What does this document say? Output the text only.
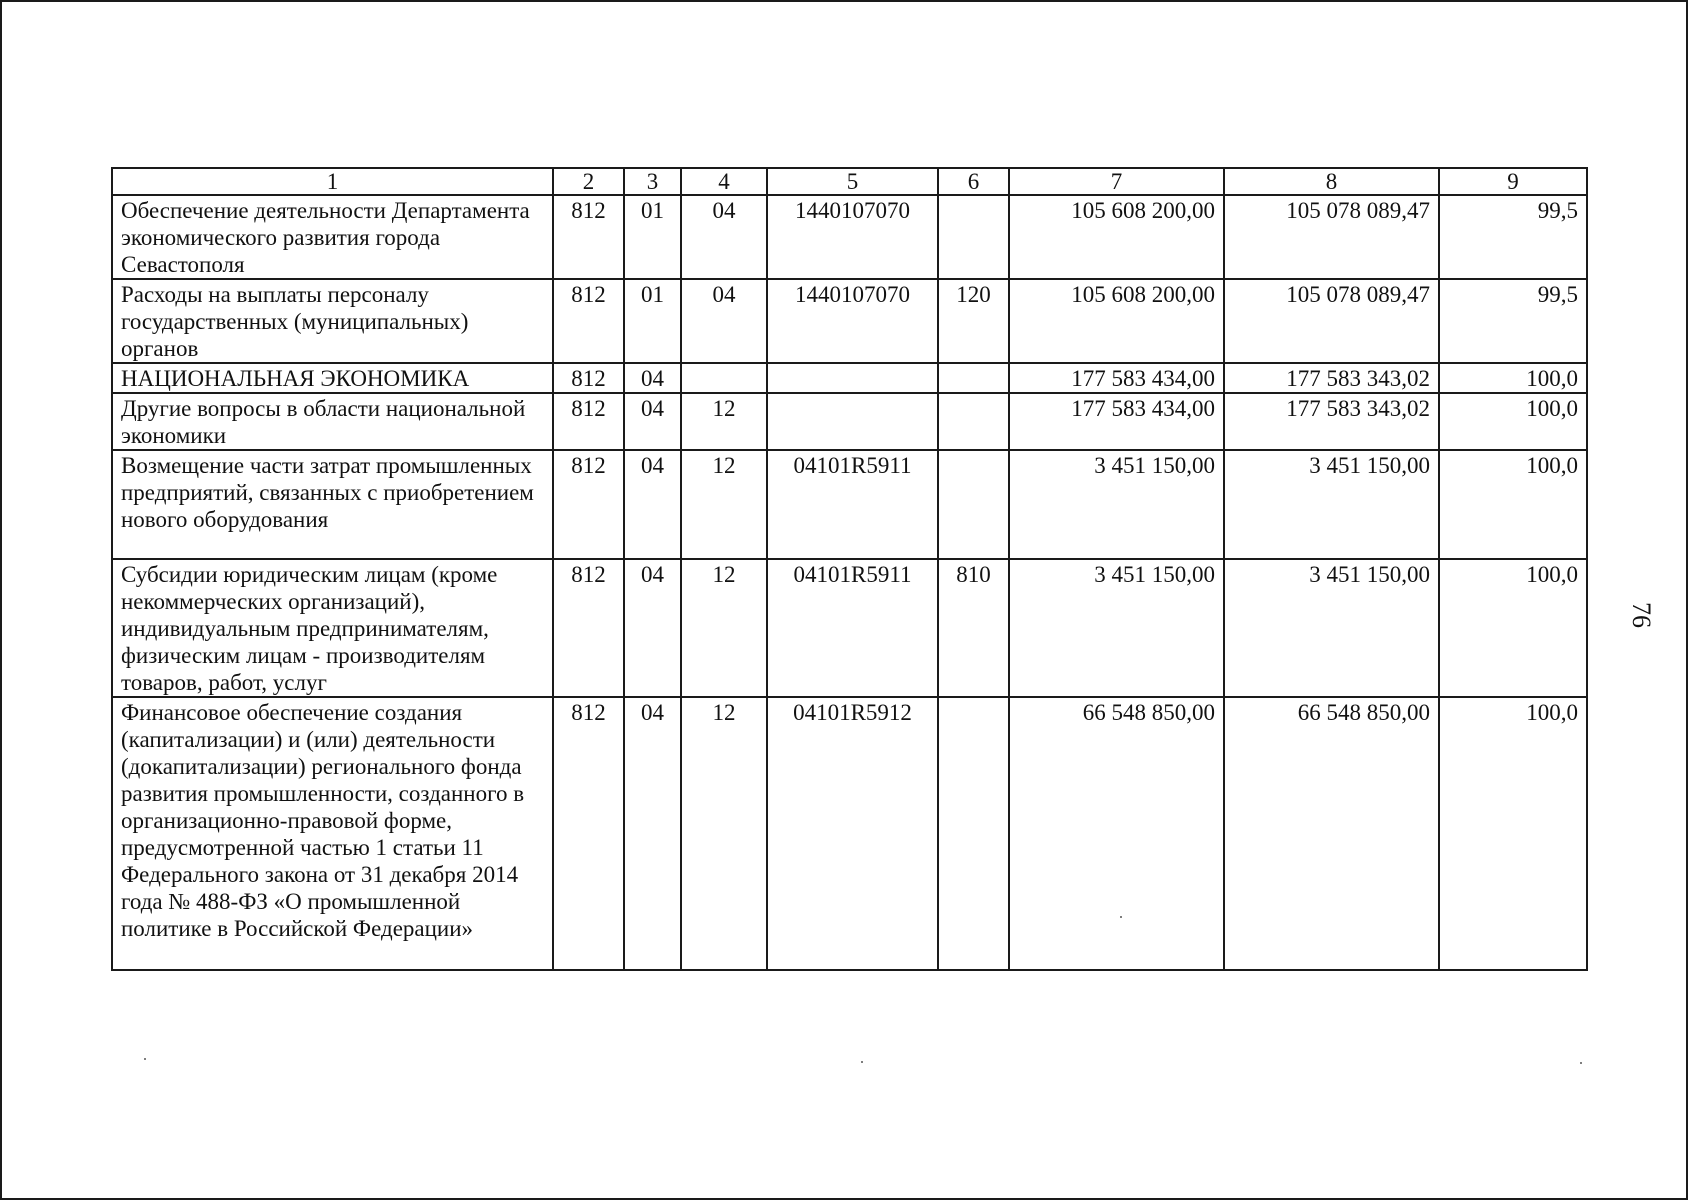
1	2	3	4	5	6	7	8	9
Обеспечение деятельности Департамента экономического развития города Севастополя	812	01	04	1440107070		105 608 200,00	105 078 089,47	99,5
Расходы на выплаты персоналу государственных (муниципальных) органов	812	01	04	1440107070	120	105 608 200,00	105 078 089,47	99,5
НАЦИОНАЛЬНАЯ ЭКОНОМИКА	812	04				177 583 434,00	177 583 343,02	100,0
Другие вопросы в области национальной экономики	812	04	12			177 583 434,00	177 583 343,02	100,0
Возмещение части затрат промышленных предприятий, связанных с приобретением нового оборудования	812	04	12	04101R5911		3 451 150,00	3 451 150,00	100,0
Субсидии юридическим лицам (кроме некоммерческих организаций), индивидуальным предпринимателям, физическим лицам - производителям товаров, работ, услуг	812	04	12	04101R5911	810	3 451 150,00	3 451 150,00	100,0
Финансовое обеспечение создания (капитализации) и (или) деятельности (докапитализации) регионального фонда развития промышленности, созданного в организационно-правовой форме, предусмотренной частью 1 статьи 11 Федерального закона от 31 декабря 2014 года № 488-ФЗ «О промышленной политике в Российской Федерации»	812	04	12	04101R5912		66 548 850,00	66 548 850,00	100,0
76
